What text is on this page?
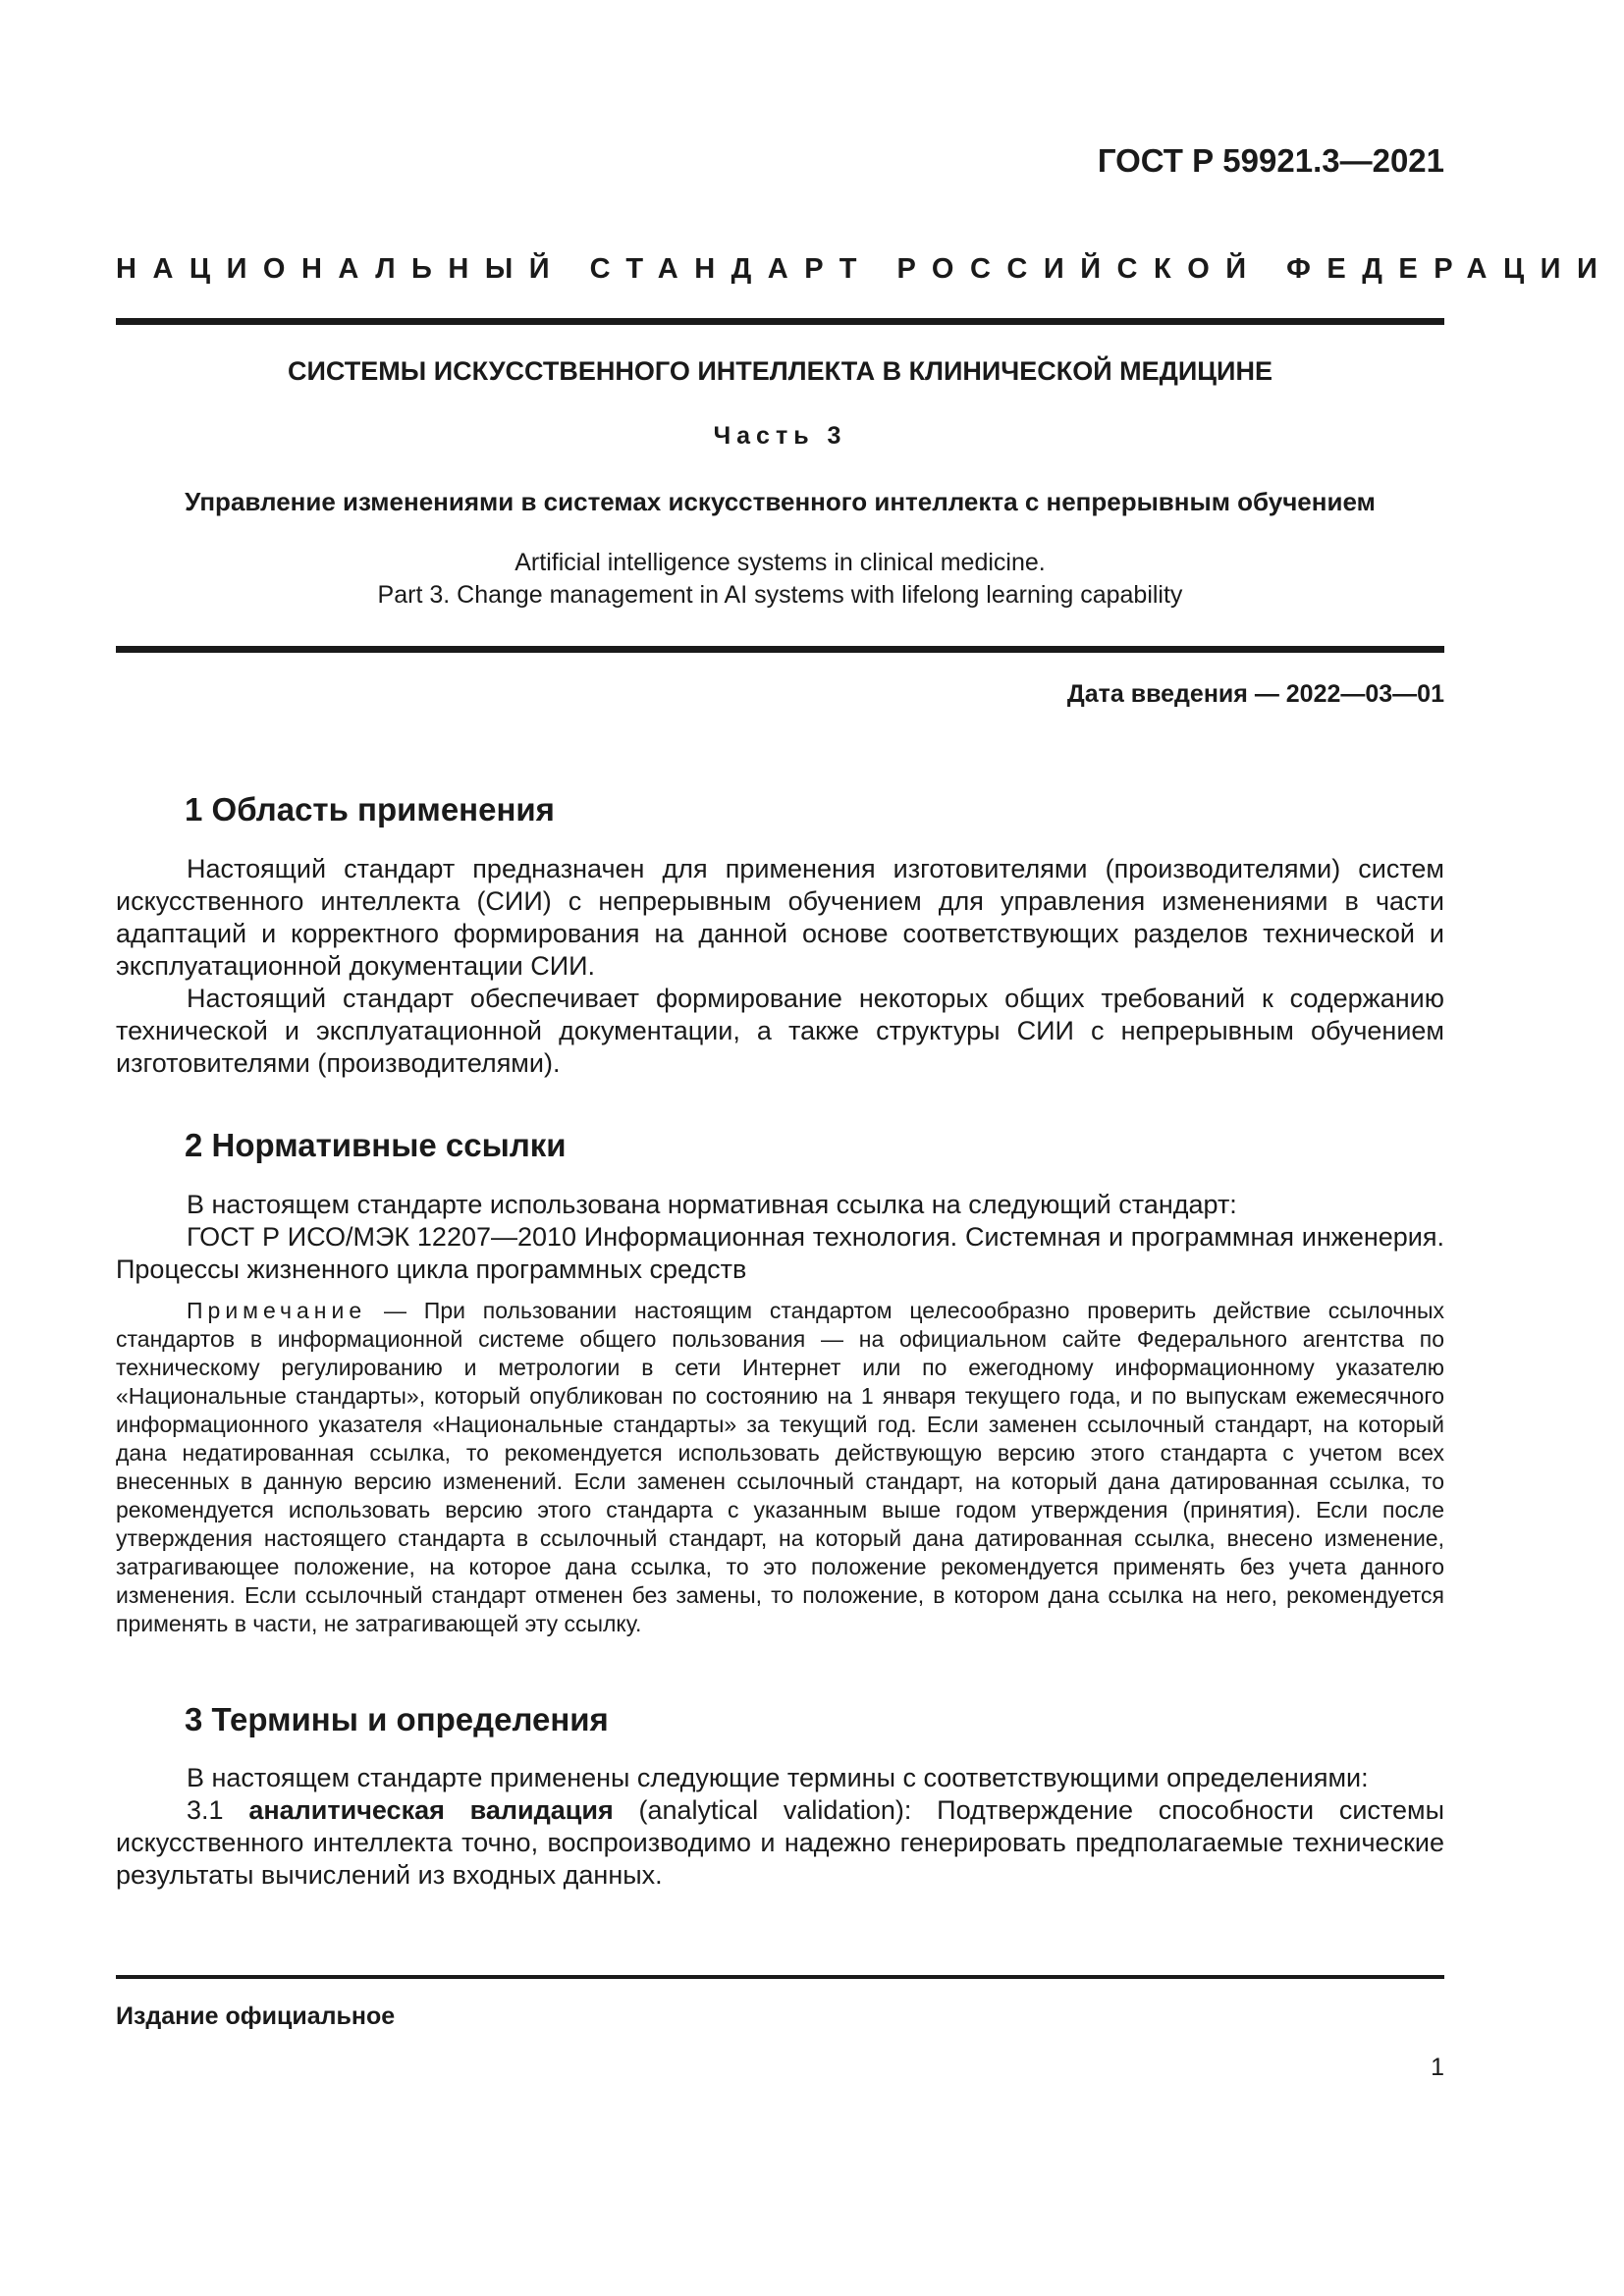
ГОСТ Р 59921.3—2021
НАЦИОНАЛЬНЫЙ СТАНДАРТ РОССИЙСКОЙ ФЕДЕРАЦИИ
СИСТЕМЫ ИСКУССТВЕННОГО ИНТЕЛЛЕКТА В КЛИНИЧЕСКОЙ МЕДИЦИНЕ
Часть 3
Управление изменениями в системах искусственного интеллекта с непрерывным обучением
Artificial intelligence systems in clinical medicine.
Part 3. Change management in AI systems with lifelong learning capability
Дата введения — 2022—03—01
1 Область применения

Настоящий стандарт предназначен для применения изготовителями (производителями) систем искусственного интеллекта (СИИ) с непрерывным обучением для управления изменениями в части адаптаций и корректного формирования на данной основе соответствующих разделов технической и эксплуатационной документации СИИ.

Настоящий стандарт обеспечивает формирование некоторых общих требований к содержанию технической и эксплуатационной документации, а также структуры СИИ с непрерывным обучением изготовителями (производителями).

2 Нормативные ссылки

В настоящем стандарте использована нормативная ссылка на следующий стандарт:

ГОСТ Р ИСО/МЭК 12207—2010 Информационная технология. Системная и программная инженерия. Процессы жизненного цикла программных средств

Примечание — При пользовании настоящим стандартом целесообразно проверить действие ссылочных стандартов в информационной системе общего пользования — на официальном сайте Федерального агентства по техническому регулированию и метрологии в сети Интернет или по ежегодному информационному указателю «Национальные стандарты», который опубликован по состоянию на 1 января текущего года, и по выпускам ежемесячного информационного указателя «Национальные стандарты» за текущий год. Если заменен ссылочный стандарт, на который дана недатированная ссылка, то рекомендуется использовать действующую версию этого стандарта с учетом всех внесенных в данную версию изменений. Если заменен ссылочный стандарт, на который дана датированная ссылка, то рекомендуется использовать версию этого стандарта с указанным выше годом утверждения (принятия). Если после утверждения настоящего стандарта в ссылочный стандарт, на который дана датированная ссылка, внесено изменение, затрагивающее положение, на которое дана ссылка, то это положение рекомендуется применять без учета данного изменения. Если ссылочный стандарт отменен без замены, то положение, в котором дана ссылка на него, рекомендуется применять в части, не затрагивающей эту ссылку.

3 Термины и определения

В настоящем стандарте применены следующие термины с соответствующими определениями:

3.1 аналитическая валидация (analytical validation): Подтверждение способности системы искусственного интеллекта точно, воспроизводимо и надежно генерировать предполагаемые технические результаты вычислений из входных данных.

Издание официальное
1
